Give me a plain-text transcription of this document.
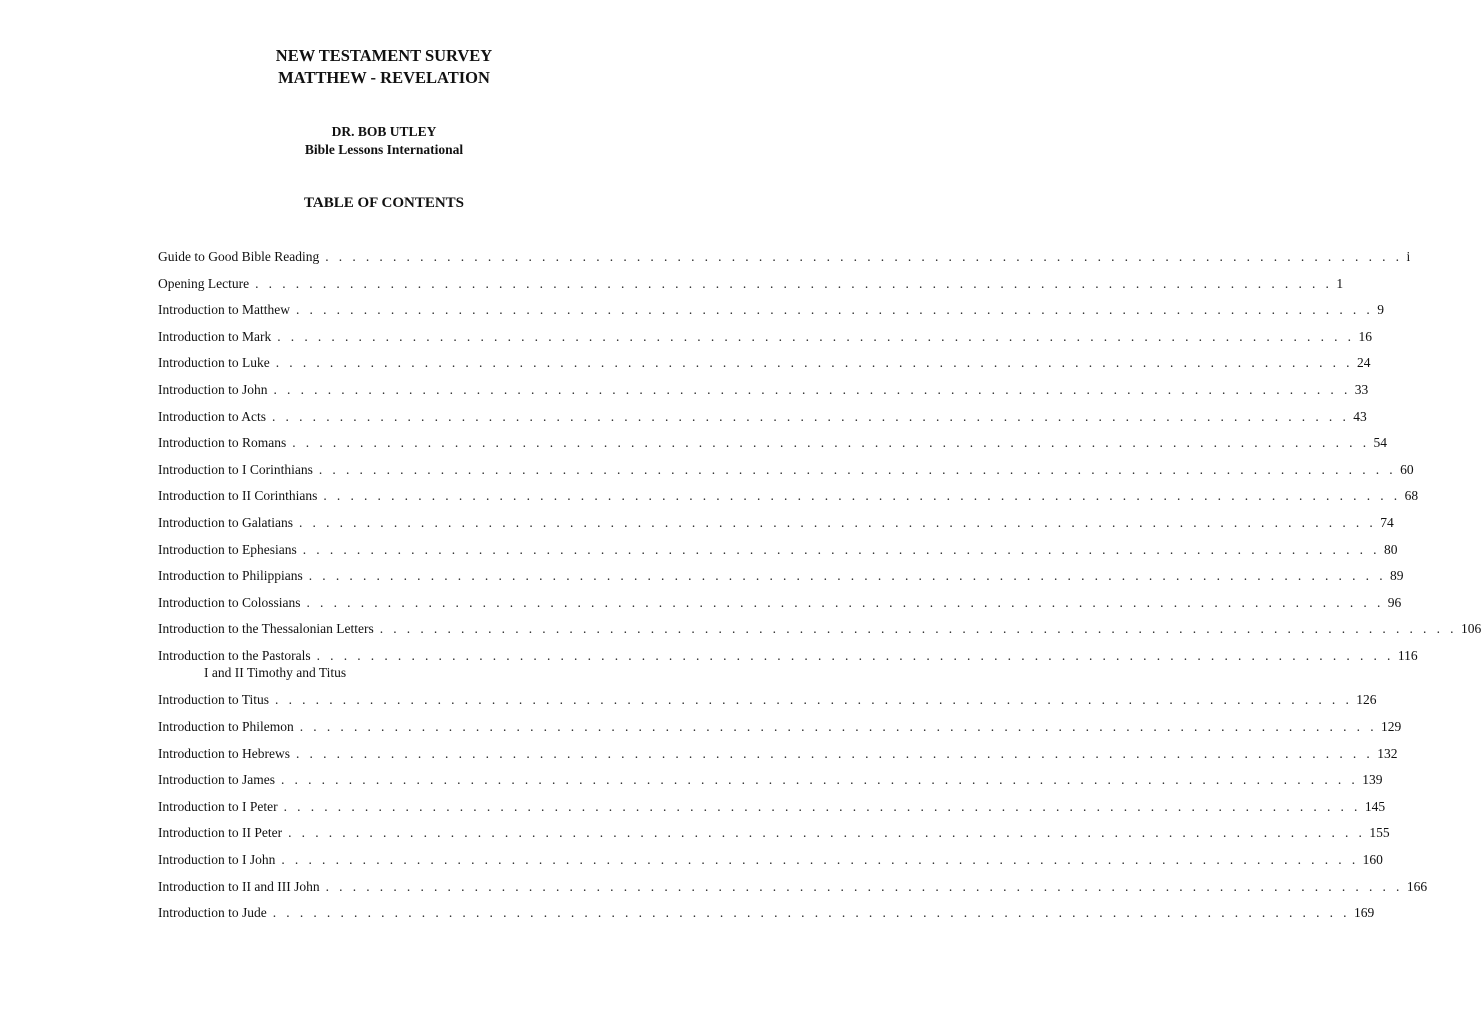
NEW TESTAMENT SURVEY
MATTHEW - REVELATION
DR. BOB UTLEY
Bible Lessons International
TABLE OF CONTENTS
Guide to Good Bible Reading . . . . . . . . . . . . . . . . . . . . . . . . . . . . . . . . . . . . . . . . . . . . . . . . . . . . . . . . . . . . . . . . . . . . . . . . . . . . . . . . i
Opening Lecture . . . . . . . . . . . . . . . . . . . . . . . . . . . . . . . . . . . . . . . . . . . . . . . . . . . . . . . . . . . . . . . . . . . . . . . . . . . . . . . . 1
Introduction to Matthew . . . . . . . . . . . . . . . . . . . . . . . . . . . . . . . . . . . . . . . . . . . . . . . . . . . . . . . . . . . . . . . . . . . . . . . . . . . . . . . . 9
Introduction to Mark . . . . . . . . . . . . . . . . . . . . . . . . . . . . . . . . . . . . . . . . . . . . . . . . . . . . . . . . . . . . . . . . . . . . . . . . . . . . . . . . 16
Introduction to Luke . . . . . . . . . . . . . . . . . . . . . . . . . . . . . . . . . . . . . . . . . . . . . . . . . . . . . . . . . . . . . . . . . . . . . . . . . . . . . . . . 24
Introduction to John . . . . . . . . . . . . . . . . . . . . . . . . . . . . . . . . . . . . . . . . . . . . . . . . . . . . . . . . . . . . . . . . . . . . . . . . . . . . . . . . 33
Introduction to Acts . . . . . . . . . . . . . . . . . . . . . . . . . . . . . . . . . . . . . . . . . . . . . . . . . . . . . . . . . . . . . . . . . . . . . . . . . . . . . . . . 43
Introduction to Romans . . . . . . . . . . . . . . . . . . . . . . . . . . . . . . . . . . . . . . . . . . . . . . . . . . . . . . . . . . . . . . . . . . . . . . . . . . . . . . . . 54
Introduction to I Corinthians . . . . . . . . . . . . . . . . . . . . . . . . . . . . . . . . . . . . . . . . . . . . . . . . . . . . . . . . . . . . . . . . . . . . . . . . . . . . . . . . 60
Introduction to II Corinthians . . . . . . . . . . . . . . . . . . . . . . . . . . . . . . . . . . . . . . . . . . . . . . . . . . . . . . . . . . . . . . . . . . . . . . . . . . . . . . . . 68
Introduction to Galatians . . . . . . . . . . . . . . . . . . . . . . . . . . . . . . . . . . . . . . . . . . . . . . . . . . . . . . . . . . . . . . . . . . . . . . . . . . . . . . . . 74
Introduction to Ephesians . . . . . . . . . . . . . . . . . . . . . . . . . . . . . . . . . . . . . . . . . . . . . . . . . . . . . . . . . . . . . . . . . . . . . . . . . . . . . . . . 80
Introduction to Philippians . . . . . . . . . . . . . . . . . . . . . . . . . . . . . . . . . . . . . . . . . . . . . . . . . . . . . . . . . . . . . . . . . . . . . . . . . . . . . . . . 89
Introduction to Colossians . . . . . . . . . . . . . . . . . . . . . . . . . . . . . . . . . . . . . . . . . . . . . . . . . . . . . . . . . . . . . . . . . . . . . . . . . . . . . . . . 96
Introduction to the Thessalonian Letters . . . . . . . . . . . . . . . . . . . . . . . . . . . . . . . . . . . . . . . . . . . . . . . . . . . . . . . . . . . . . . . . . . . . . . . . . . . . . . . . 106
Introduction to the Pastorals . . . . . . . . . . . . . . . . . . . . . . . . . . . . . . . . . . . . . . . . . . . . . . . . . . . . . . . . . . . . . . . . . . . . . . . . . . . . . . . . 116
I and II Timothy and Titus
Introduction to Titus . . . . . . . . . . . . . . . . . . . . . . . . . . . . . . . . . . . . . . . . . . . . . . . . . . . . . . . . . . . . . . . . . . . . . . . . . . . . . . . . 126
Introduction to Philemon . . . . . . . . . . . . . . . . . . . . . . . . . . . . . . . . . . . . . . . . . . . . . . . . . . . . . . . . . . . . . . . . . . . . . . . . . . . . . . . . 129
Introduction to Hebrews . . . . . . . . . . . . . . . . . . . . . . . . . . . . . . . . . . . . . . . . . . . . . . . . . . . . . . . . . . . . . . . . . . . . . . . . . . . . . . . . 132
Introduction to James . . . . . . . . . . . . . . . . . . . . . . . . . . . . . . . . . . . . . . . . . . . . . . . . . . . . . . . . . . . . . . . . . . . . . . . . . . . . . . . . 139
Introduction to I Peter . . . . . . . . . . . . . . . . . . . . . . . . . . . . . . . . . . . . . . . . . . . . . . . . . . . . . . . . . . . . . . . . . . . . . . . . . . . . . . . . 145
Introduction to II Peter . . . . . . . . . . . . . . . . . . . . . . . . . . . . . . . . . . . . . . . . . . . . . . . . . . . . . . . . . . . . . . . . . . . . . . . . . . . . . . . . 155
Introduction to I John . . . . . . . . . . . . . . . . . . . . . . . . . . . . . . . . . . . . . . . . . . . . . . . . . . . . . . . . . . . . . . . . . . . . . . . . . . . . . . . . 160
Introduction to II and III John . . . . . . . . . . . . . . . . . . . . . . . . . . . . . . . . . . . . . . . . . . . . . . . . . . . . . . . . . . . . . . . . . . . . . . . . . . . . . . . . 166
Introduction to Jude . . . . . . . . . . . . . . . . . . . . . . . . . . . . . . . . . . . . . . . . . . . . . . . . . . . . . . . . . . . . . . . . . . . . . . . . . . . . . . . . 169
